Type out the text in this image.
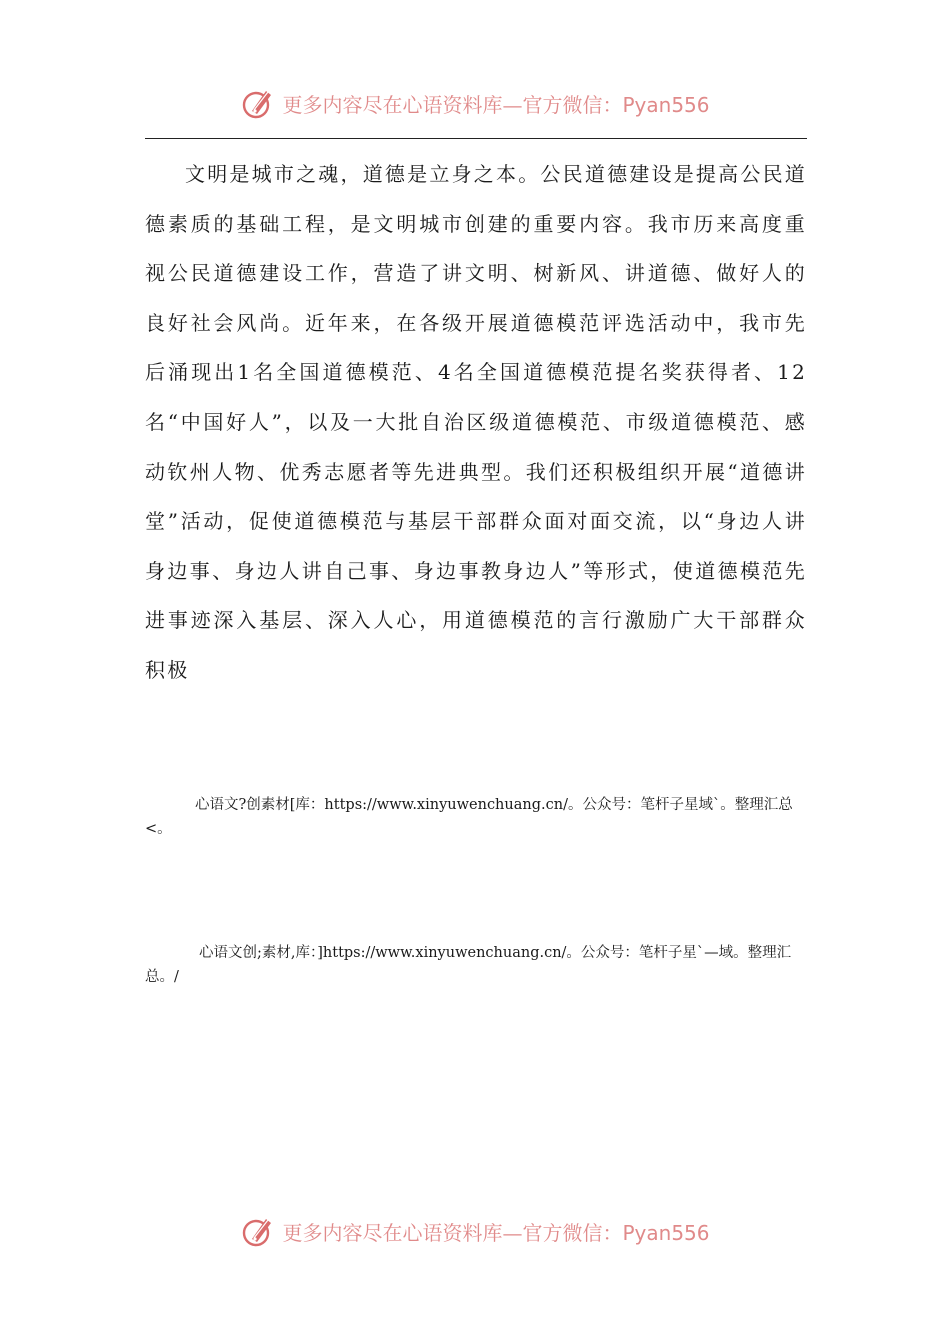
更多内容尽在心语资料库—官方微信：Pyan556

文明是城市之魂，道德是立身之本。公民道德建设是提高公民道德素质的基础工程，是文明城市创建的重要内容。我市历来高度重视公民道德建设工作，营造了讲文明、树新风、讲道德、做好人的良好社会风尚。近年来，在各级开展道德模范评选活动中，我市先后涌现出1名全国道德模范、4名全国道德模范提名奖获得者、12名“中国好人”，以及一大批自治区级道德模范、市级道德模范、感动钦州人物、优秀志愿者等先进典型。我们还积极组织开展“道德讲堂”活动，促使道德模范与基层干部群众面对面交流，以“身边人讲身边事、身边人讲自己事、身边事教身边人”等形式，使道德模范先进事迹深入基层、深入人心，用道德模范的言行激励广大干部群众积极

心语文?创素材[库：https://www.xinyuwenchuang.cn/。公众号：笔杆子星域`。整理汇总<。

心语文创;素材,库：]https://www.xinyuwenchuang.cn/。公众号：笔杆子星`—域。整理汇总。/

更多内容尽在心语资料库—官方微信：Pyan556
